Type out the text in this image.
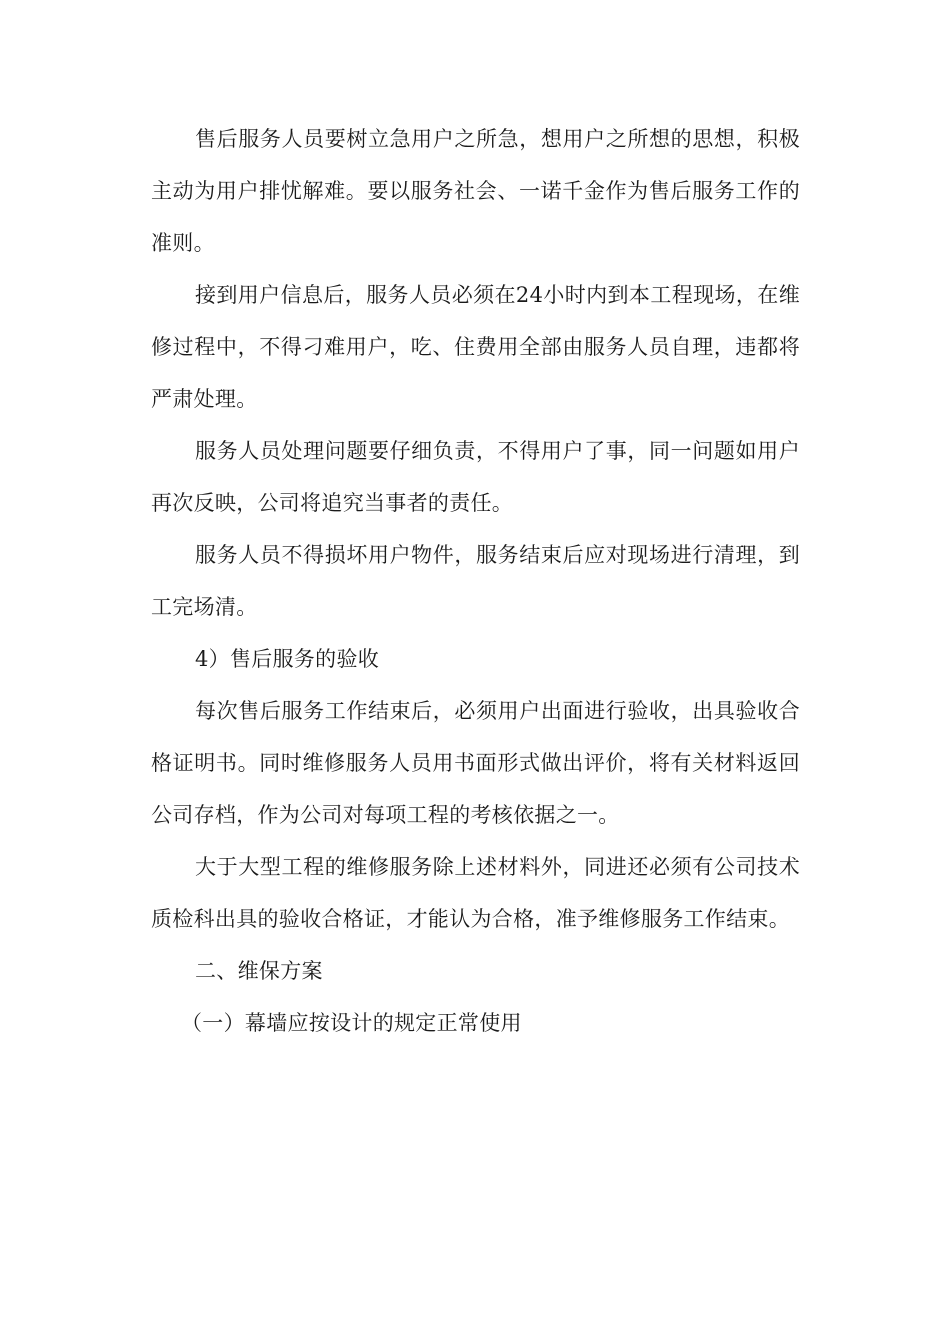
售后服务人员要树立急用户之所急，想用户之所想的思想，积极主动为用户排忧解难。要以服务社会、一诺千金作为售后服务工作的准则。

接到用户信息后，服务人员必须在24小时内到本工程现场，在维修过程中，不得刁难用户，吃、住费用全部由服务人员自理，违都将严肃处理。

服务人员处理问题要仔细负责，不得用户了事，同一问题如用户再次反映，公司将追究当事者的责任。

服务人员不得损坏用户物件，服务结束后应对现场进行清理，到工完场清。

4）售后服务的验收

每次售后服务工作结束后，必须用户出面进行验收，出具验收合格证明书。同时维修服务人员用书面形式做出评价，将有关材料返回公司存档，作为公司对每项工程的考核依据之一。

大于大型工程的维修服务除上述材料外，同进还必须有公司技术质检科出具的验收合格证，才能认为合格，准予维修服务工作结束。

二、维保方案

（一）幕墙应按设计的规定正常使用
